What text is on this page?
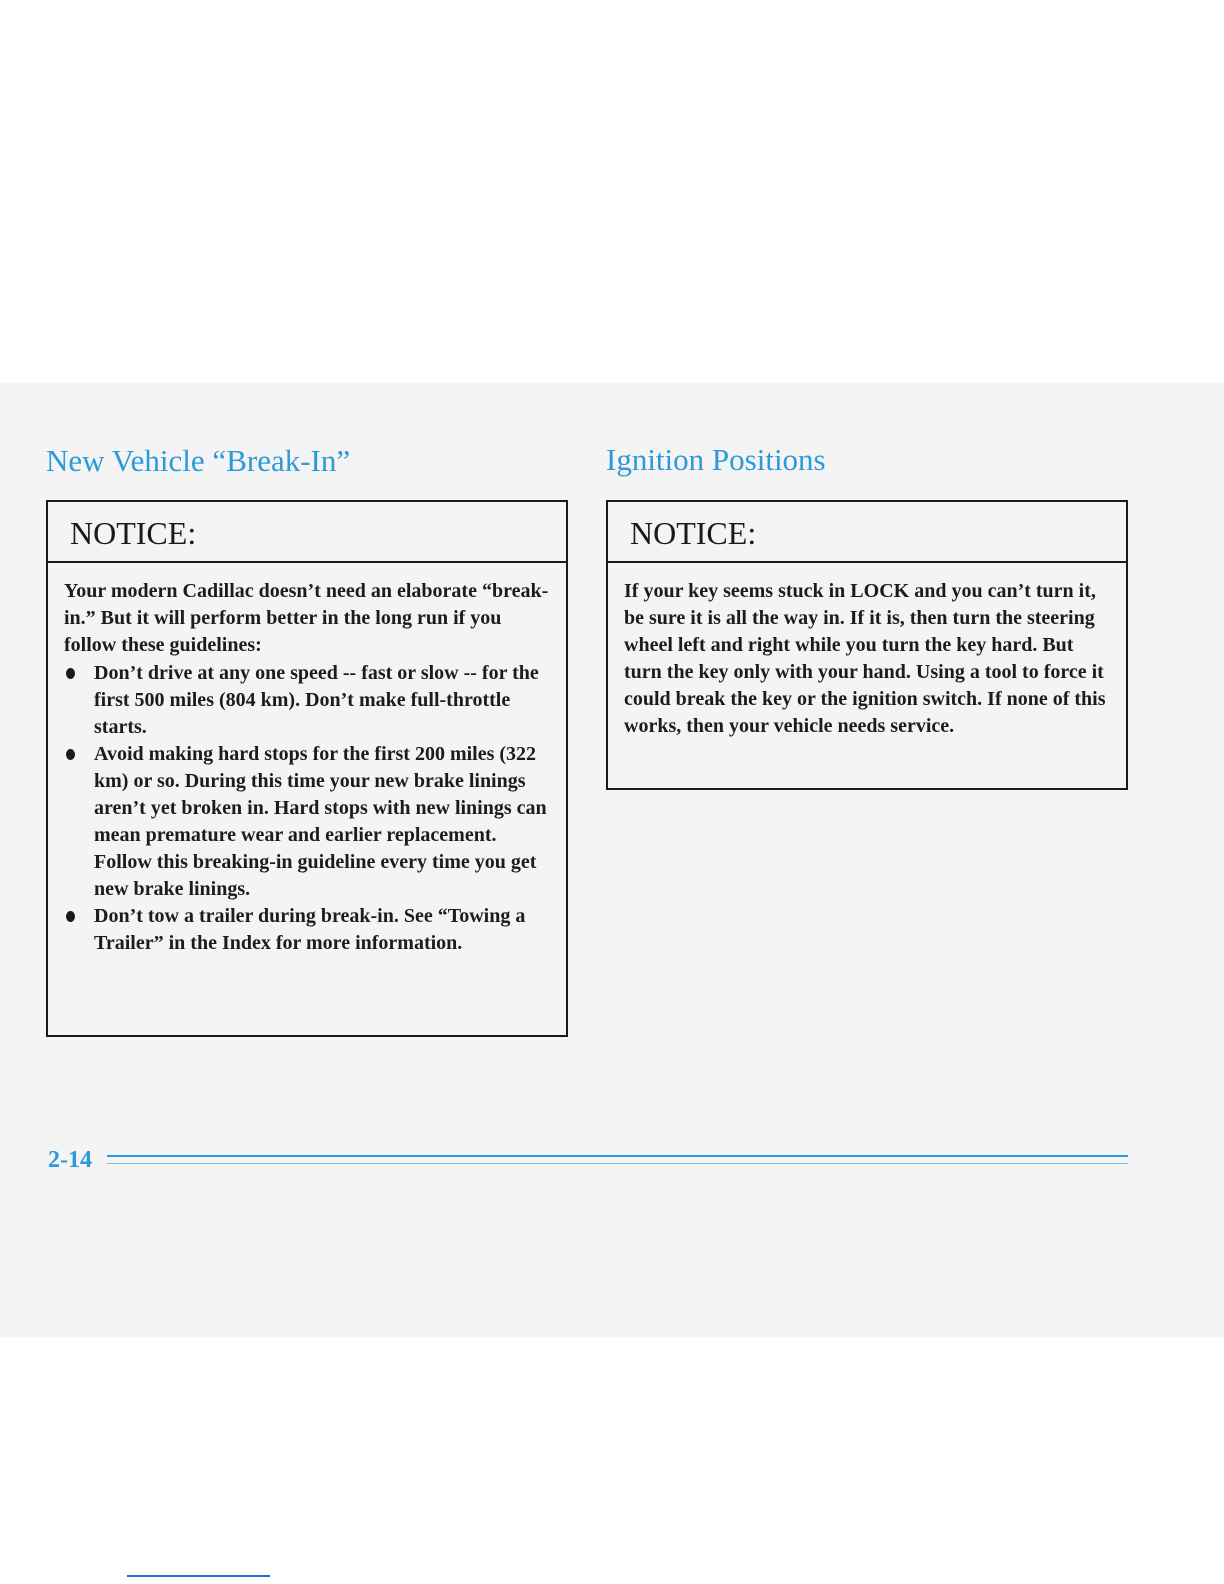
New Vehicle “Break-In”	Ignition Positions
NOTICE:

Your modern Cadillac doesn’t need an elaborate “break-in.” But it will perform better in the long run if you follow these guidelines:

Don’t drive at any one speed -- fast or slow -- for the first 500 miles (804 km). Don’t make full-throttle starts.
Avoid making hard stops for the first 200 miles (322 km) or so. During this time your new brake linings aren’t yet broken in. Hard stops with new linings can mean premature wear and earlier replacement. Follow this breaking-in guideline every time you get new brake linings.
Don’t tow a trailer during break-in. See “Towing a Trailer” in the Index for more information.
NOTICE:

If your key seems stuck in LOCK and you can’t turn it, be sure it is all the way in. If it is, then turn the steering wheel left and right while you turn the key hard. But turn the key only with your hand. Using a tool to force it could break the key or the ignition switch. If none of this works, then your vehicle needs service.

2-14
